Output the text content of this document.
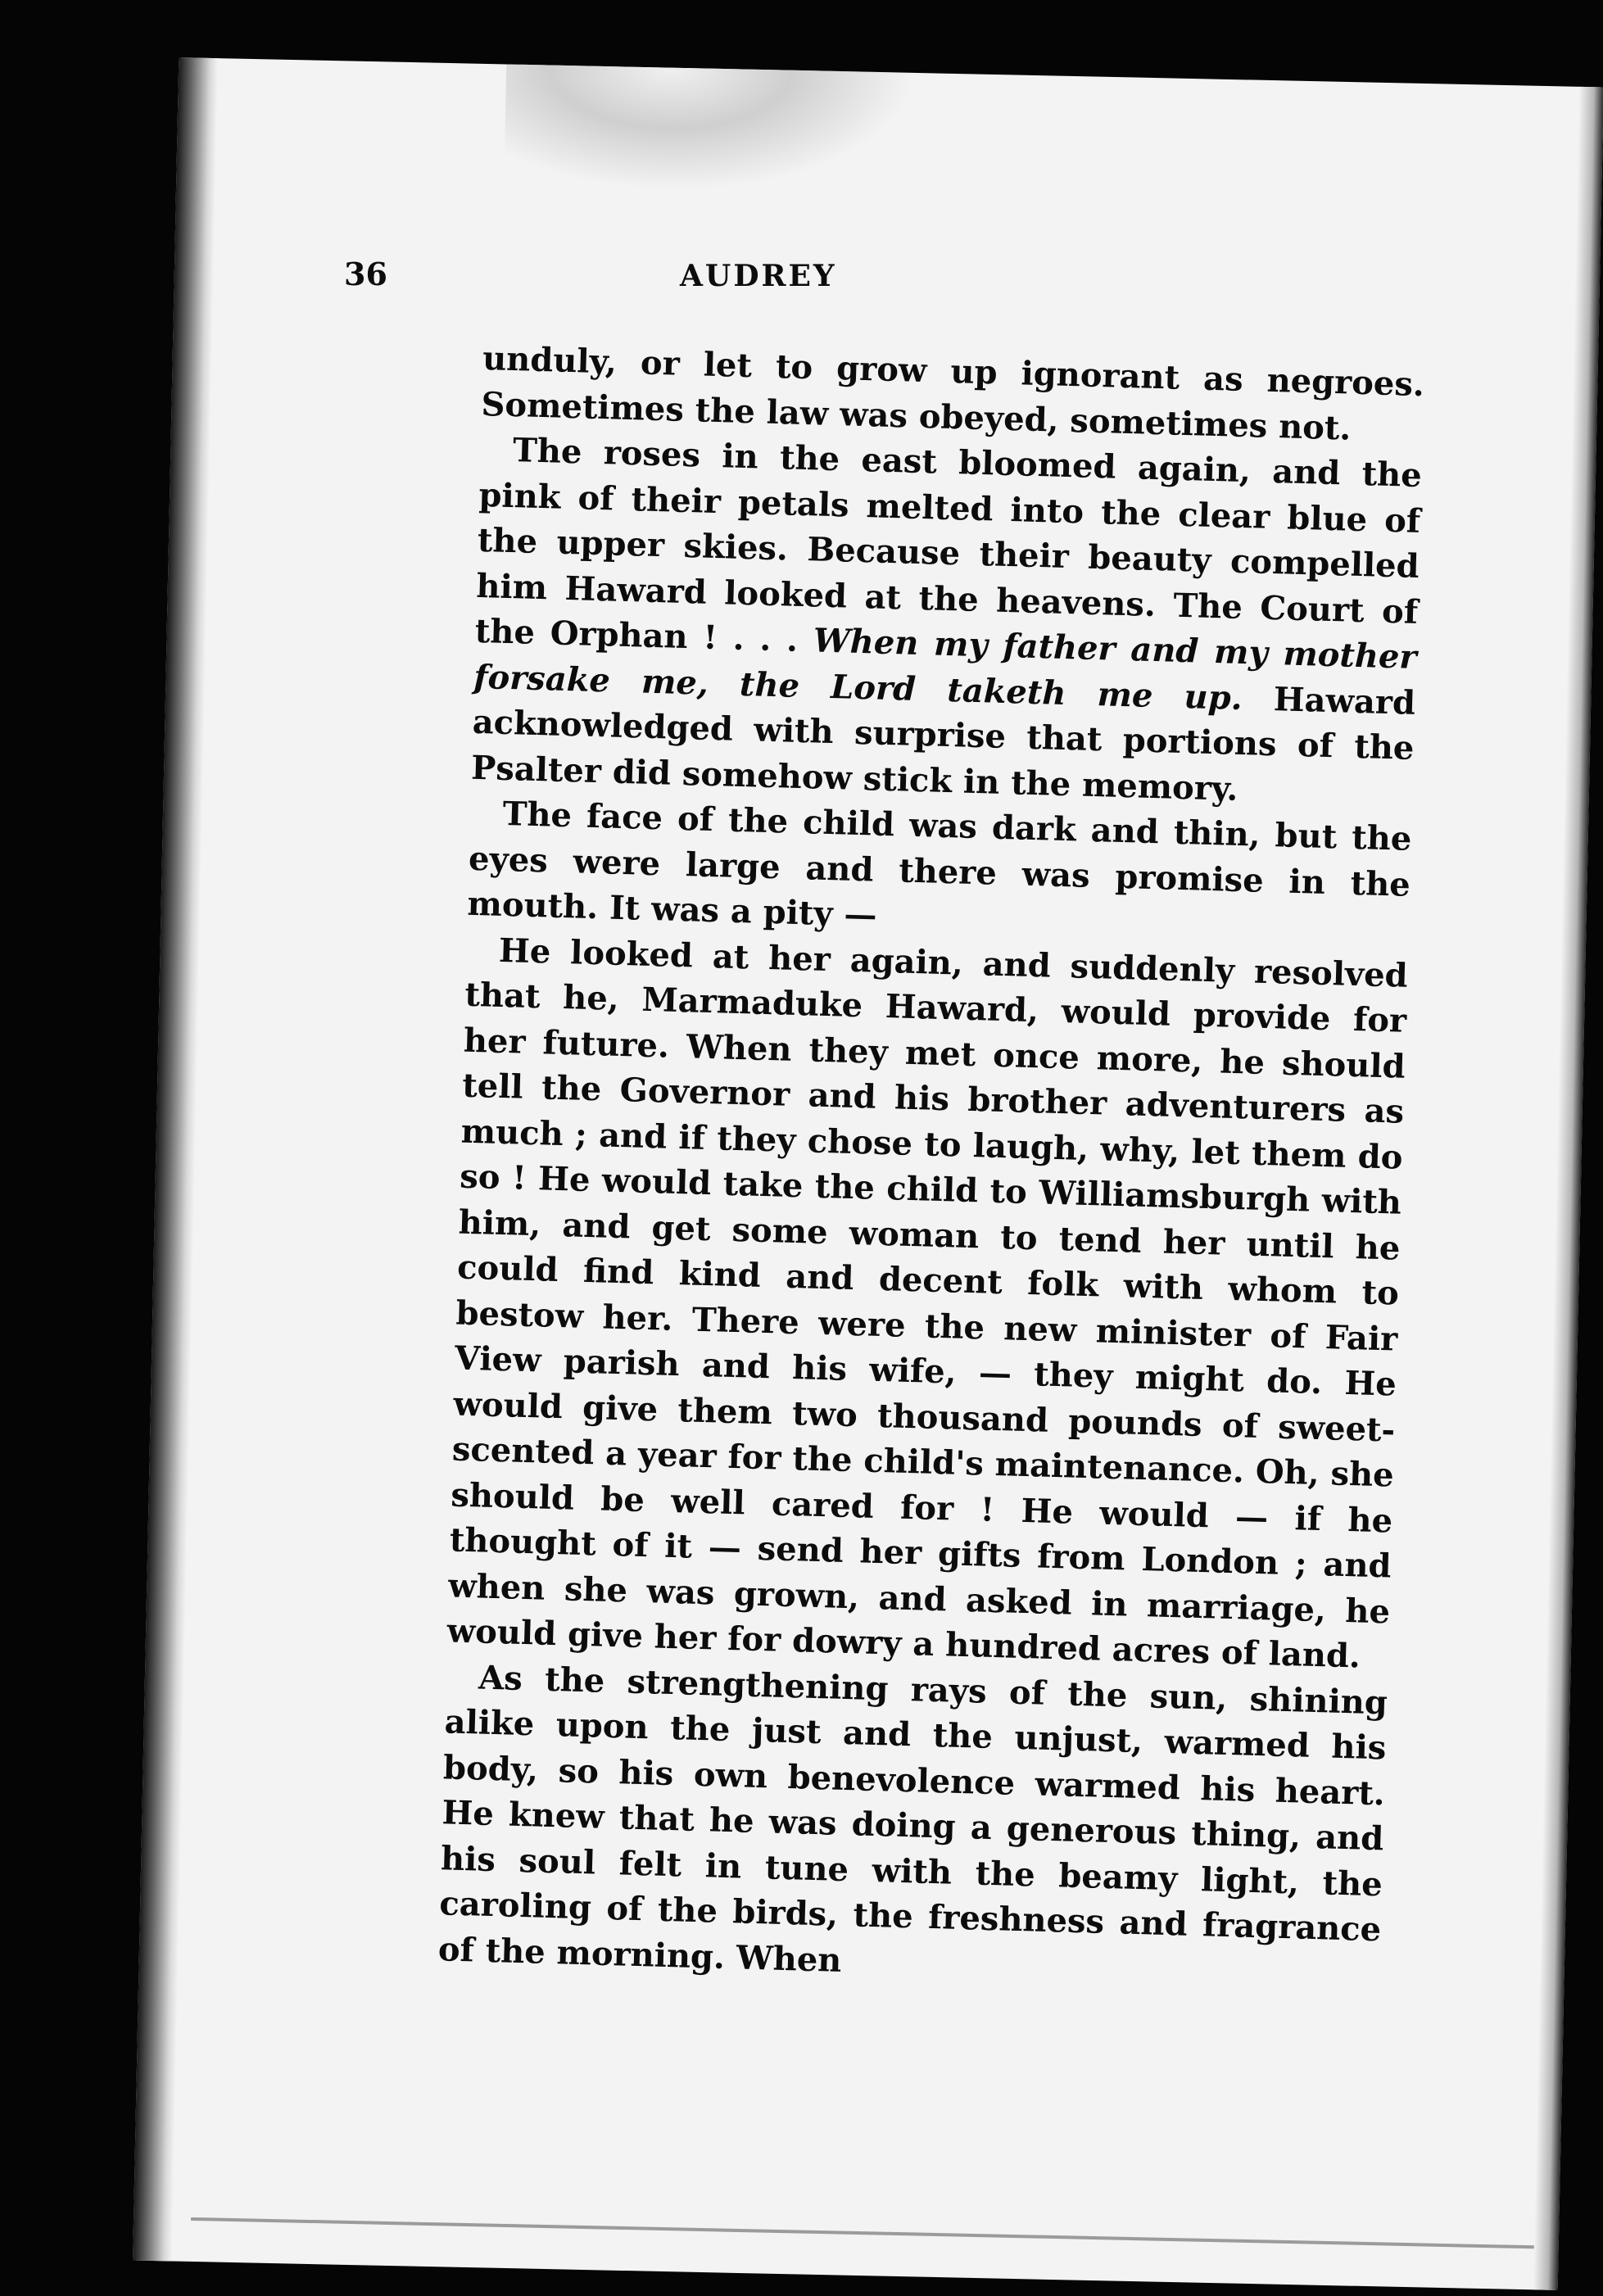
36	AUDREY

unduly, or let to grow up ignorant as negroes. Sometimes the law was obeyed, sometimes not.

The roses in the east bloomed again, and the pink of their petals melted into the clear blue of the upper skies. Because their beauty compelled him Haward looked at the heavens. The Court of the Orphan ! . . . When my father and my mother forsake me, the Lord taketh me up. Haward acknowledged with surprise that portions of the Psalter did somehow stick in the memory.

The face of the child was dark and thin, but the eyes were large and there was promise in the mouth. It was a pity —

He looked at her again, and suddenly resolved that he, Marmaduke Haward, would provide for her future. When they met once more, he should tell the Governor and his brother adventurers as much ; and if they chose to laugh, why, let them do so ! He would take the child to Williamsburgh with him, and get some woman to tend her until he could find kind and decent folk with whom to bestow her. There were the new minister of Fair View parish and his wife, — they might do. He would give them two thousand pounds of sweet-scented a year for the child's maintenance. Oh, she should be well cared for ! He would — if he thought of it — send her gifts from London ; and when she was grown, and asked in marriage, he would give her for dowry a hundred acres of land.

As the strengthening rays of the sun, shining alike upon the just and the unjust, warmed his body, so his own benevolence warmed his heart. He knew that he was doing a generous thing, and his soul felt in tune with the beamy light, the caroling of the birds, the freshness and fragrance of the morning. When
